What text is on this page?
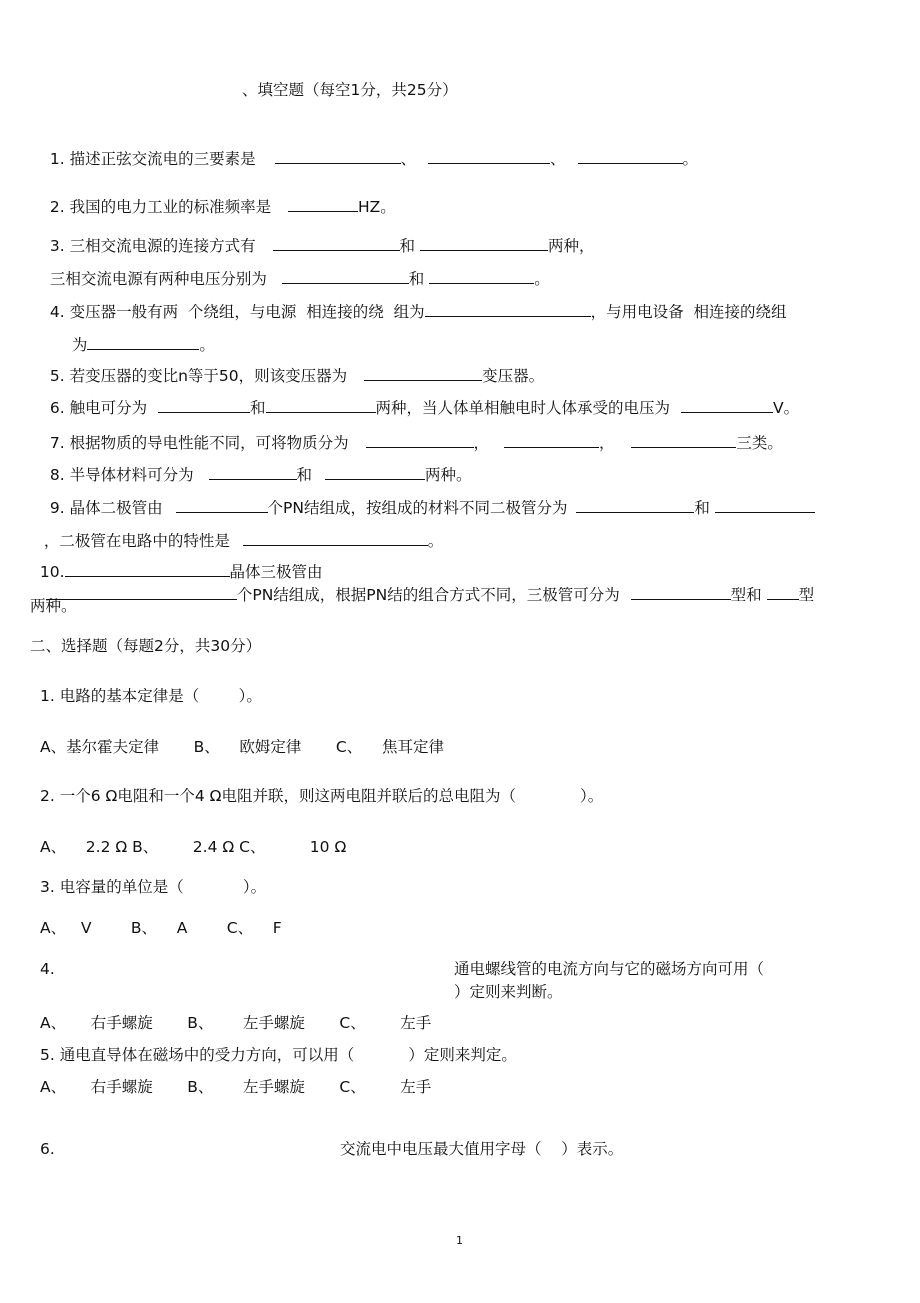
、填空题（每空1分，共25分）

1. 描述正弦交流电的三要素是	、	、	。

2. 我国的电力工业的标准频率是	HZ。

3. 三相交流电源的连接方式有	和	两种，

三相交流电源有两种电压分别为	和	。

4. 变压器一般有两  个绕组，与电源  相连接的绕  组为	，与用电设备  相连接的绕组

为	。

5. 若变压器的变比n等于50，则该变压器为	变压器。

6. 触电可分为	和	两种，当人体单相触电时人体承受的电压为	V。

7. 根据物质的导电性能不同，可将物质分为	，	，	三类。

8. 半导体材料可分为	和	两种。

9. 晶体二极管由	个PN结组成，按组成的材料不同二极管分为	和

，二极管在电路中的特性是	。

10.	晶体三极管由

个PN结组成，根据PN结的组合方式不同，三极管可分为	型和 型

两种。
二、选择题（每题2分，共30分）
1. 电路的基本定律是（        ）。
A、基尔霍夫定律       B、    欧姆定律       C、    焦耳定律
2. 一个6 Ω电阻和一个4 Ω电阻并联，则这两电阻并联后的总电阻为（             ）。
A、    2.2 Ω B、       2.4 Ω C、         10 Ω
3. 电容量的单位是（            ）。
A、   V        B、    A        C、    F
4.	通电螺线管的电流方向与它的磁场方向可用（
）定则来判断。
A、     右手螺旋       B、      左手螺旋       C、       左手
5. 通电直导体在磁场中的受力方向，可以用（           ）定则来判定。
A、     右手螺旋       B、      左手螺旋       C、       左手
6.	交流电中电压最大值用字母（    ）表示。
1
